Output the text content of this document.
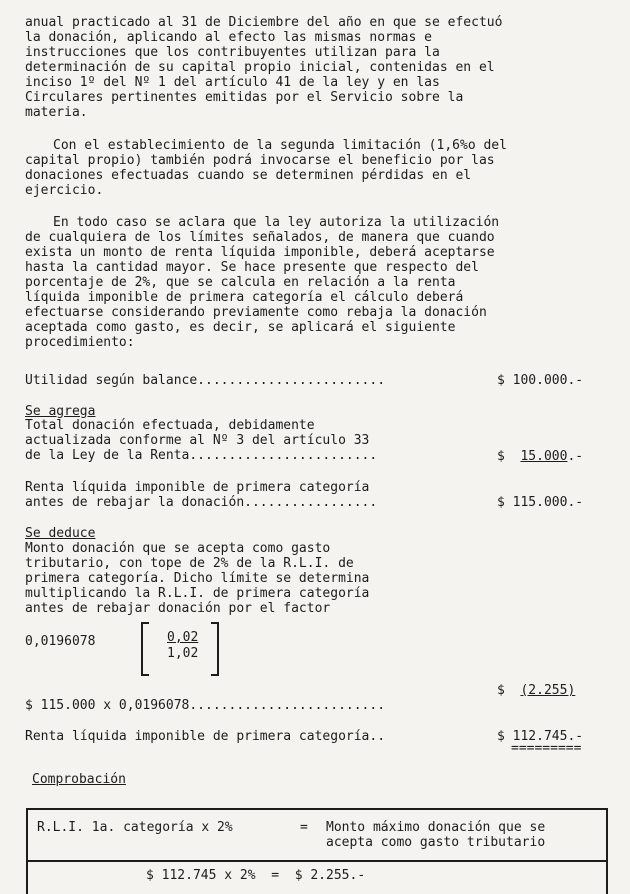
anual practicado al 31 de Diciembre del año en que se efectuó
la donación, aplicando al efecto las mismas normas e
instrucciones que los contribuyentes utilizan para la
determinación de su capital propio inicial, contenidas en el
inciso 1º del Nº 1 del artículo 41 de la ley y en las
Circulares pertinentes emitidas por el Servicio sobre la
materia.

Con el establecimiento de la segunda limitación (1,6%o del
capital propio) también podrá invocarse el beneficio por las
donaciones efectuadas cuando se determinen pérdidas en el
ejercicio.

En todo caso se aclara que la ley autoriza la utilización
de cualquiera de los límites señalados, de manera que cuando
exista un monto de renta líquida imponible, deberá aceptarse
hasta la cantidad mayor. Se hace presente que respecto del
porcentaje de 2%, que se calcula en relación a la renta
líquida imponible de primera categoría el cálculo deberá
efectuarse considerando previamente como rebaja la donación
aceptada como gasto, es decir, se aplicará el siguiente
procedimiento:

Utilidad según balance........................	$ 100.000.-
Se agrega
Total donación efectuada, debidamente
actualizada conforme al Nº 3 del artículo 33
de la Ley de la Renta........................	$ 15.000.-
Renta líquida imponible de primera categoría
antes de rebajar la donación.................	$ 115.000.-
Se deduce
Monto donación que se acepta como gasto
tributario, con tope de 2% de la R.L.I. de
primera categoría. Dicho límite se determina
multiplicando la R.L.I. de primera categoría
antes de rebajar donación por el factor
0,0196078	$\frac{0,02}{1,02}$
$ (2.255)
$ 115.000 x 0,0196078.........................
Renta líquida imponible de primera categoría..	$ 112.745.-
=========
Comprobación
R.L.I. 1a. categoría x 2%	= Monto máximo donación que se
acepta como gasto tributario
$ 112.745 x 2%  =  $ 2.255.-
